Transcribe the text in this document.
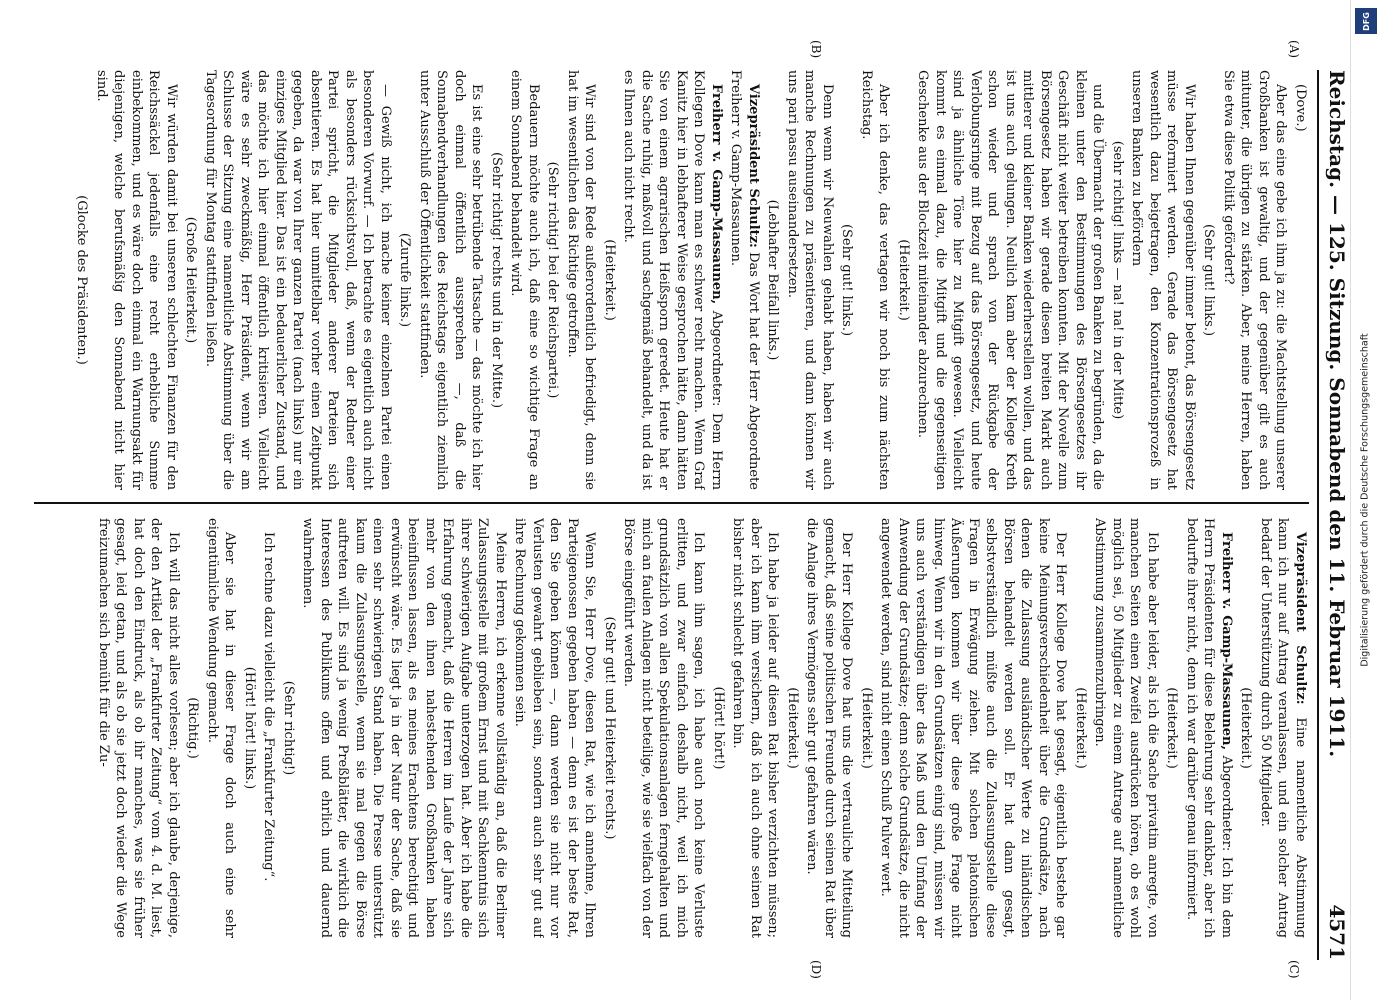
Reichstag. — 125. Sitzung. Sonnabend den 11. Februar 1911.
4571
(A)
(B)
(C)
(D)

(Dove.)

Aber das eine gebe ich ihm ja zu: die Machtstellung unserer Großbanken ist gewaltig, und der gegenüber gilt es auch mitunter, die übrigen zu stärken. Aber, meine Herren, haben Sie etwa diese Politik gefördert?

(Sehr gut! links.)

Wir haben Ihnen gegenüber immer betont, das Börsengesetz müsse reformiert werden. Gerade das Börsengesetz hat wesentlich dazu beigetragen, den Konzentrationsprozeß in unseren Banken zu befördern

(sehr richtig! links — na! na! in der Mitte)

und die Übermacht der großen Banken zu begründen, da die kleinen unter den Bestimmungen des Börsengesetzes ihr Geschäft nicht weiter betreiben konnten. Mit der Novelle zum Börsengesetz haben wir gerade diesen breiten Markt auch mittlerer und kleiner Banken wiederherstellen wollen, und das ist uns auch gelungen. Neulich kam aber der Kollege Kreth schon wieder und sprach von der Rückgabe der Verlobungsringe mit Bezug auf das Börsengesetz, und heute sind ja ähnliche Töne hier zu Mitgift gewesen. Vielleicht kommt es einmal dazu, die Mitgift und die gegenseitigen Geschenke aus der Blockzeit miteinander abzurechnen.

(Heiterkeit.)

Aber ich denke, das vertagen wir noch bis zum nächsten Reichstag.

(Sehr gut! links.)

Denn wenn wir Neuwahlen gehabt haben, haben wir auch manche Rechnungen zu präsentieren, und dann können wir uns pari passu auseinandersetzen.

(Lebhafter Beifall links.)

Vizepräsident Schultz: Das Wort hat der Herr Abgeordnete Freiherr v. Gamp-Massaunen.

Freiherr v. Gamp-Massaunen, Abgeordneter: Dem Herrn Kollegen Dove kann man es schwer recht machen. Wenn Graf Kanitz hier in lebhafterer Weise gesprochen hätte, dann hätten Sie von einem agrarischen Heißsporn geredet. Heute hat er die Sache ruhig, maßvoll und sachgemäß behandelt, und da ist es Ihnen auch nicht recht.

(Heiterkeit.)

Wir sind von der Rede außerordentlich befriedigt, denn sie hat im wesentlichen das Richtige getroffen.

(Sehr richtig! bei der Reichspartei.)

Bedauern möchte auch ich, daß eine so wichtige Frage an einem Sonnabend behandelt wird.

(Sehr richtig! rechts und in der Mitte.)

Es ist eine sehr betrübende Tatsache — das möchte ich hier doch einmal öffentlich aussprechen —, daß die Sonnabendverhandlungen des Reichstags eigentlich ziemlich unter Ausschluß der Öffentlichkeit stattfinden.

(Zurufe links.)

— Gewiß nicht, ich mache keiner einzelnen Partei einen besonderen Vorwurf. — Ich betrachte es eigentlich auch nicht als besonders rücksichtsvoll, daß, wenn der Redner einer Partei spricht, die Mitglieder anderer Parteien sich absentieren. Es hat hier unmittelbar vorher einen Zeitpunkt gegeben, da war von Ihrer ganzen Partei (nach links) nur ein einziges Mitglied hier. Das ist ein bedauerlicher Zustand, und das möchte ich hier einmal öffentlich kritisieren. Vielleicht wäre es sehr zweckmäßig, Herr Präsident, wenn wir am Schlusse der Sitzung eine namentliche Abstimmung über die Tagesordnung für Montag stattfinden ließen.

(Große Heiterkeit.)

Wir würden damit bei unseren schlechten Finanzen für den Reichssäckel jedenfalls eine recht erhebliche Summe einbekommen, und es wäre doch einmal ein Warnungsakt für diejenigen, welche berufsmäßig den Sonnabend nicht hier sind.

(Glocke des Präsidenten.)

Vizepräsident Schultz: Eine namentliche Abstimmung kann ich nur auf Antrag veranlassen, und ein solcher Antrag bedarf der Unterstützung durch 50 Mitglieder.

(Heiterkeit.)

Freiherr v. Gamp-Massaunen, Abgeordneter: Ich bin dem Herrn Präsidenten für diese Belehrung sehr dankbar, aber ich bedurfte ihrer nicht, denn ich war darüber genau informiert.

(Heiterkeit.)

Ich habe aber leider, als ich die Sache privatim anregte, von manchen Seiten einen Zweifel ausdrücken hören, ob es wohl möglich sei, 50 Mitglieder zu einem Antrage auf namentliche Abstimmung zusammenzubringen.

(Heiterkeit.)

Der Herr Kollege Dove hat gesagt, eigentlich bestehe gar keine Meinungsverschiedenheit über die Grundsätze, nach denen die Zulassung ausländischer Werte zu inländischen Börsen behandelt werden soll. Er hat dann gesagt, selbstverständlich müßte auch die Zulassungsstelle diese Fragen in Erwägung ziehen. Mit solchen platonischen Äußerungen kommen wir über diese große Frage nicht hinweg. Wenn wir in den Grundsätzen einig sind, müssen wir uns auch verständigen über das Maß und den Umfang der Anwendung der Grundsätze; denn solche Grundsätze, die nicht angewendet werden, sind nicht einen Schuß Pulver wert.

(Heiterkeit.)

Der Herr Kollege Dove hat uns die vertrauliche Mitteilung gemacht, daß seine politischen Freunde durch seinen Rat über die Anlage ihres Vermögens sehr gut gefahren wären.

(Heiterkeit.)

Ich habe ja leider auf diesen Rat bisher verzichten müssen; aber ich kann ihm versichern, daß ich auch ohne seinen Rat bisher nicht schlecht gefahren bin.

(Hört! hört!)

Ich kann ihm sagen, ich habe auch noch keine Verluste erlitten, und zwar einfach deshalb nicht, weil ich mich grundsätzlich von allen Spekulationsanlagen ferngehalten und mich an faulen Anlagen nicht beteilige, wie sie vielfach von der Börse eingeführt werden.

(Sehr gut! und Heiterkeit rechts.)

Wenn Sie, Herr Dove, diesen Rat, wie ich annehme, Ihren Parteigenossen gegeben haben — denn es ist der beste Rat, den Sie geben können —, dann werden sie nicht nur vor Verlusten gewahrt geblieben sein, sondern auch sehr gut auf ihre Rechnung gekommen sein.

Meine Herren, ich erkenne vollständig an, daß die Berliner Zulassungsstelle mit großem Ernst und mit Sachkenntnis sich ihrer schwierigen Aufgabe unterzogen hat. Aber ich habe die Erfahrung gemacht, daß die Herren im Laufe der Jahre sich mehr von den ihnen nahestehenden Großbanken haben beeinflussen lassen, als es meines Erachtens berechtigt und erwünscht wäre. Es liegt ja in der Natur der Sache, daß sie einen sehr schwierigen Stand haben. Die Presse unterstützt kaum die Zulassungsstelle, wenn sie mal gegen die Börse auftreten will. Es sind ja wenig Preßblätter, die wirklich die Interessen des Publikums offen und ehrlich und dauernd wahrnehmen.

(Sehr richtig!)

Ich rechne dazu vielleicht die „Frankfurter Zeitung“.

(Hört! hört! links.)

Aber sie hat in dieser Frage doch auch eine sehr eigentümliche Wendung gemacht.

(Richtig.)

Ich will das nicht alles vorlesen; aber ich glaube, derjenige, der den Artikel der „Frankfurter Zeitung“ vom 4. d. M. liest, hat doch den Eindruck, als ob ihr manches, was sie früher gesagt, leid getan, und als ob sie jetzt doch wieder die Wege freizumachen sich bemüht für die Zu-

DFG
Digitalisierung gefördert durch die Deutsche Forschungsgemeinschaft
